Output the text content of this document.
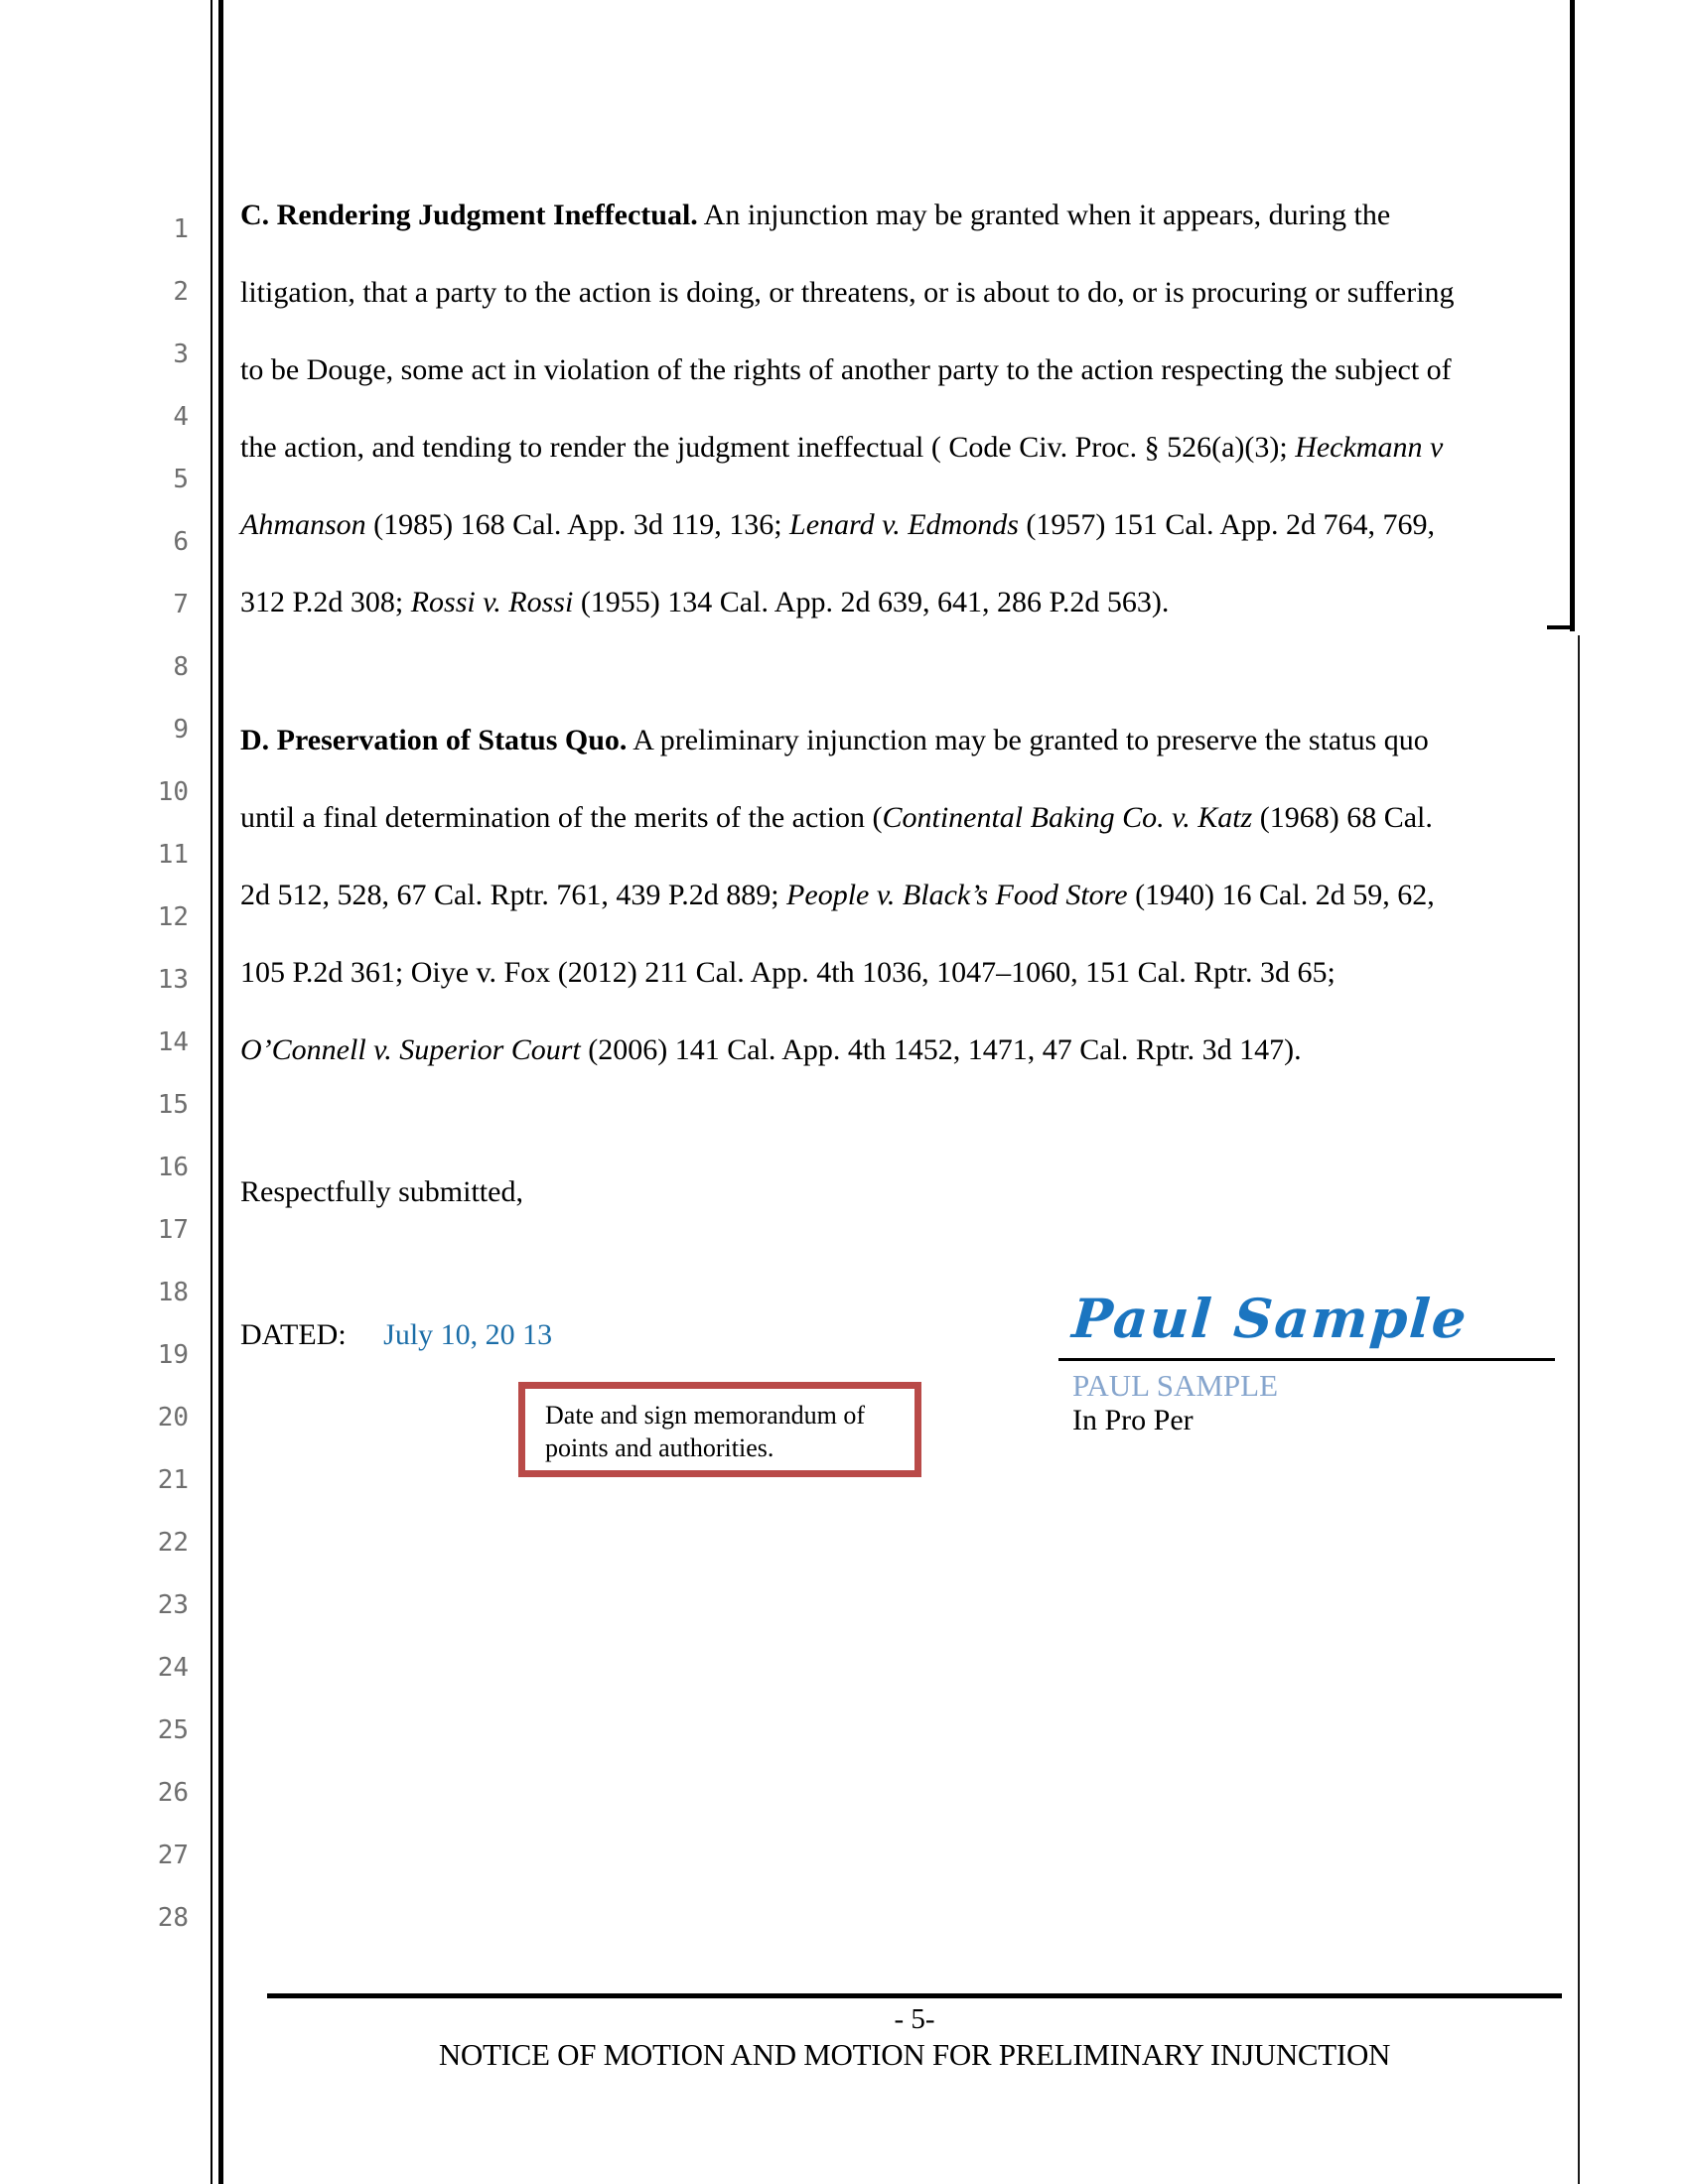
1
2
3
4
5
6
7
8
9
10
11
12
13
14
15
16
17
18
19
20
21
22
23
24
25
26
27
28
C. Rendering Judgment Ineffectual. An injunction may be granted when it appears, during the
litigation, that a party to the action is doing, or threatens, or is about to do, or is procuring or suffering
to be Douge, some act in violation of the rights of another party to the action respecting the subject of
the action, and tending to render the judgment ineffectual ( Code Civ. Proc. § 526(a)(3); Heckmann v
Ahmanson (1985) 168 Cal. App. 3d 119, 136; Lenard v. Edmonds (1957) 151 Cal. App. 2d 764, 769,
312 P.2d 308; Rossi v. Rossi (1955) 134 Cal. App. 2d 639, 641, 286 P.2d 563).
D. Preservation of Status Quo. A preliminary injunction may be granted to preserve the status quo
until a final determination of the merits of the action (Continental Baking Co. v. Katz (1968) 68 Cal.
2d 512, 528, 67 Cal. Rptr. 761, 439 P.2d 889; People v. Black’s Food Store (1940) 16 Cal. 2d 59, 62,
105 P.2d 361; Oiye v. Fox (2012) 211 Cal. App. 4th 1036, 1047–1060, 151 Cal. Rptr. 3d 65;
O’Connell v. Superior Court (2006) 141 Cal. App. 4th 1452, 1471, 47 Cal. Rptr. 3d 147).
Respectfully submitted,
DATED: July 10, 20 13	Paul Sample
PAUL SAMPLE
In Pro Per
Date and sign memorandum of points and authorities.
- 5-
NOTICE OF MOTION AND MOTION FOR PRELIMINARY INJUNCTION
